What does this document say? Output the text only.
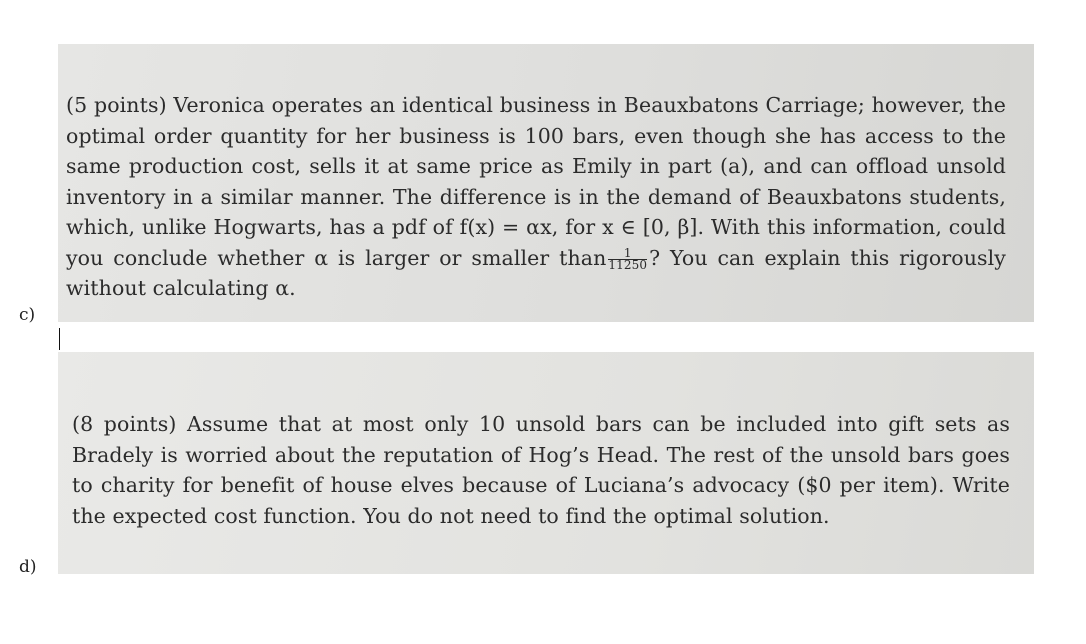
(5 points) Veronica operates an identical business in Beauxbatons Carriage; however, the optimal order quantity for her business is 100 bars, even though she has access to the same production cost, sells it at same price as Emily in part (a), and can offload unsold inventory in a similar manner. The difference is in the demand of Beauxbatons students, which, unlike Hogwarts, has a pdf of f(x) = αx, for x ∈ [0, β]. With this information, could you conclude whether α is larger or smaller than $\frac{1}{11250}$ ? You can explain this rigorously without calculating α.

c)

(8 points) Assume that at most only 10 unsold bars can be included into gift sets as Bradely is worried about the reputation of Hog’s Head. The rest of the unsold bars goes to charity for benefit of house elves because of Luciana’s advocacy ($0 per item). Write the expected cost function. You do not need to find the optimal solution.

d)
